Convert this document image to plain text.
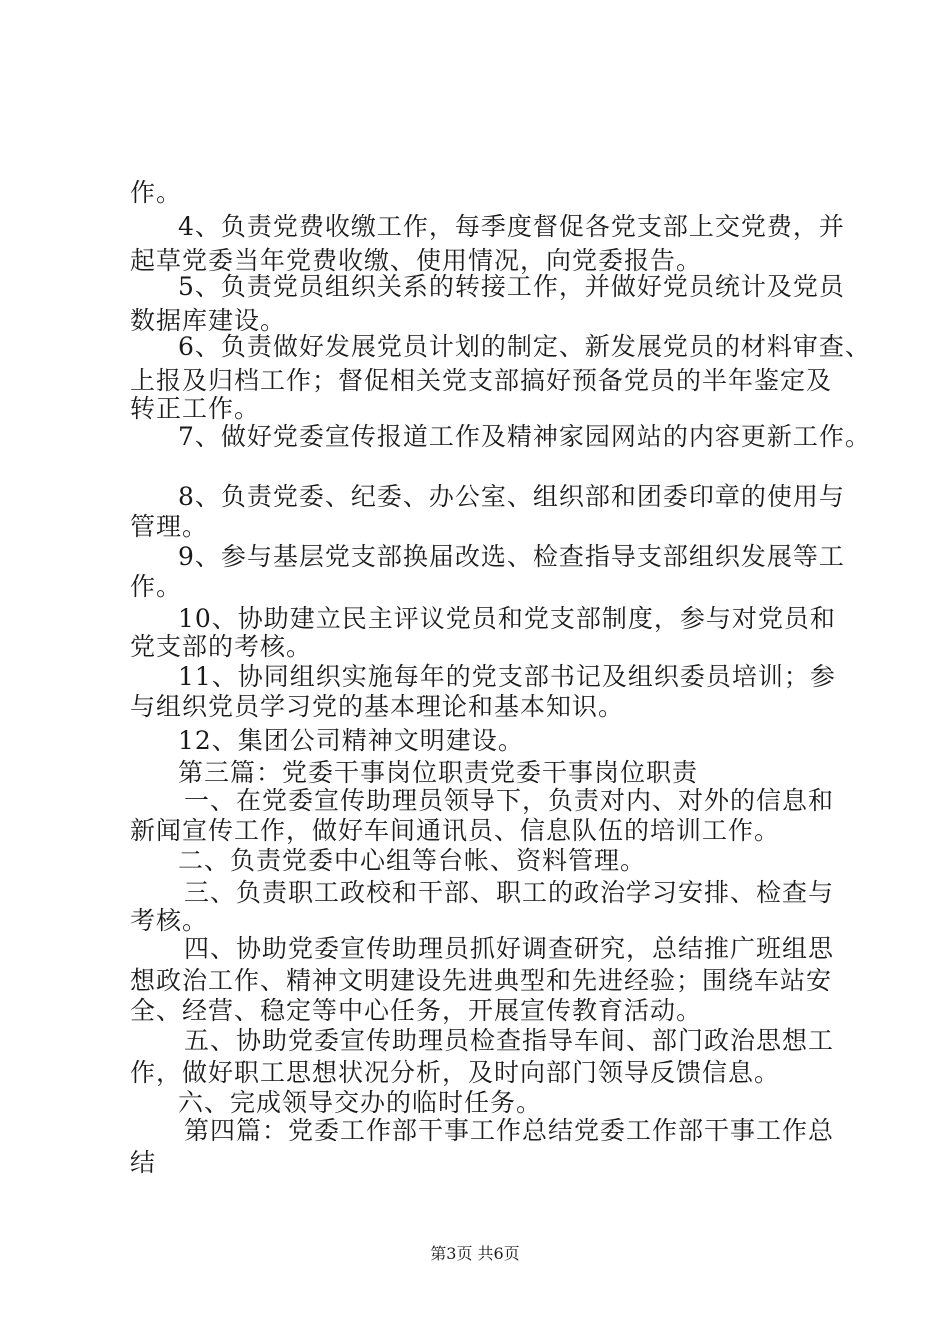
作。
4、负责党费收缴工作，每季度督促各党支部上交党费，并
起草党委当年党费收缴、使用情况，向党委报告。
5、负责党员组织关系的转接工作，并做好党员统计及党员
数据库建设。
6、负责做好发展党员计划的制定、新发展党员的材料审查、
上报及归档工作；督促相关党支部搞好预备党员的半年鉴定及
转正工作。
7、做好党委宣传报道工作及精神家园网站的内容更新工作。
8、负责党委、纪委、办公室、组织部和团委印章的使用与
管理。
9、参与基层党支部换届改选、检查指导支部组织发展等工
作。
10、协助建立民主评议党员和党支部制度，参与对党员和
党支部的考核。
11、协同组织实施每年的党支部书记及组织委员培训；参
与组织党员学习党的基本理论和基本知识。
12、集团公司精神文明建设。
第三篇：党委干事岗位职责党委干事岗位职责
一、在党委宣传助理员领导下，负责对内、对外的信息和
新闻宣传工作，做好车间通讯员、信息队伍的培训工作。
二、负责党委中心组等台帐、资料管理。
三、负责职工政校和干部、职工的政治学习安排、检查与
考核。
四、协助党委宣传助理员抓好调查研究，总结推广班组思
想政治工作、精神文明建设先进典型和先进经验；围绕车站安
全、经营、稳定等中心任务，开展宣传教育活动。
五、协助党委宣传助理员检查指导车间、部门政治思想工
作，做好职工思想状况分析，及时向部门领导反馈信息。
六、完成领导交办的临时任务。
第四篇：党委工作部干事工作总结党委工作部干事工作总
结
第3页 共6页
